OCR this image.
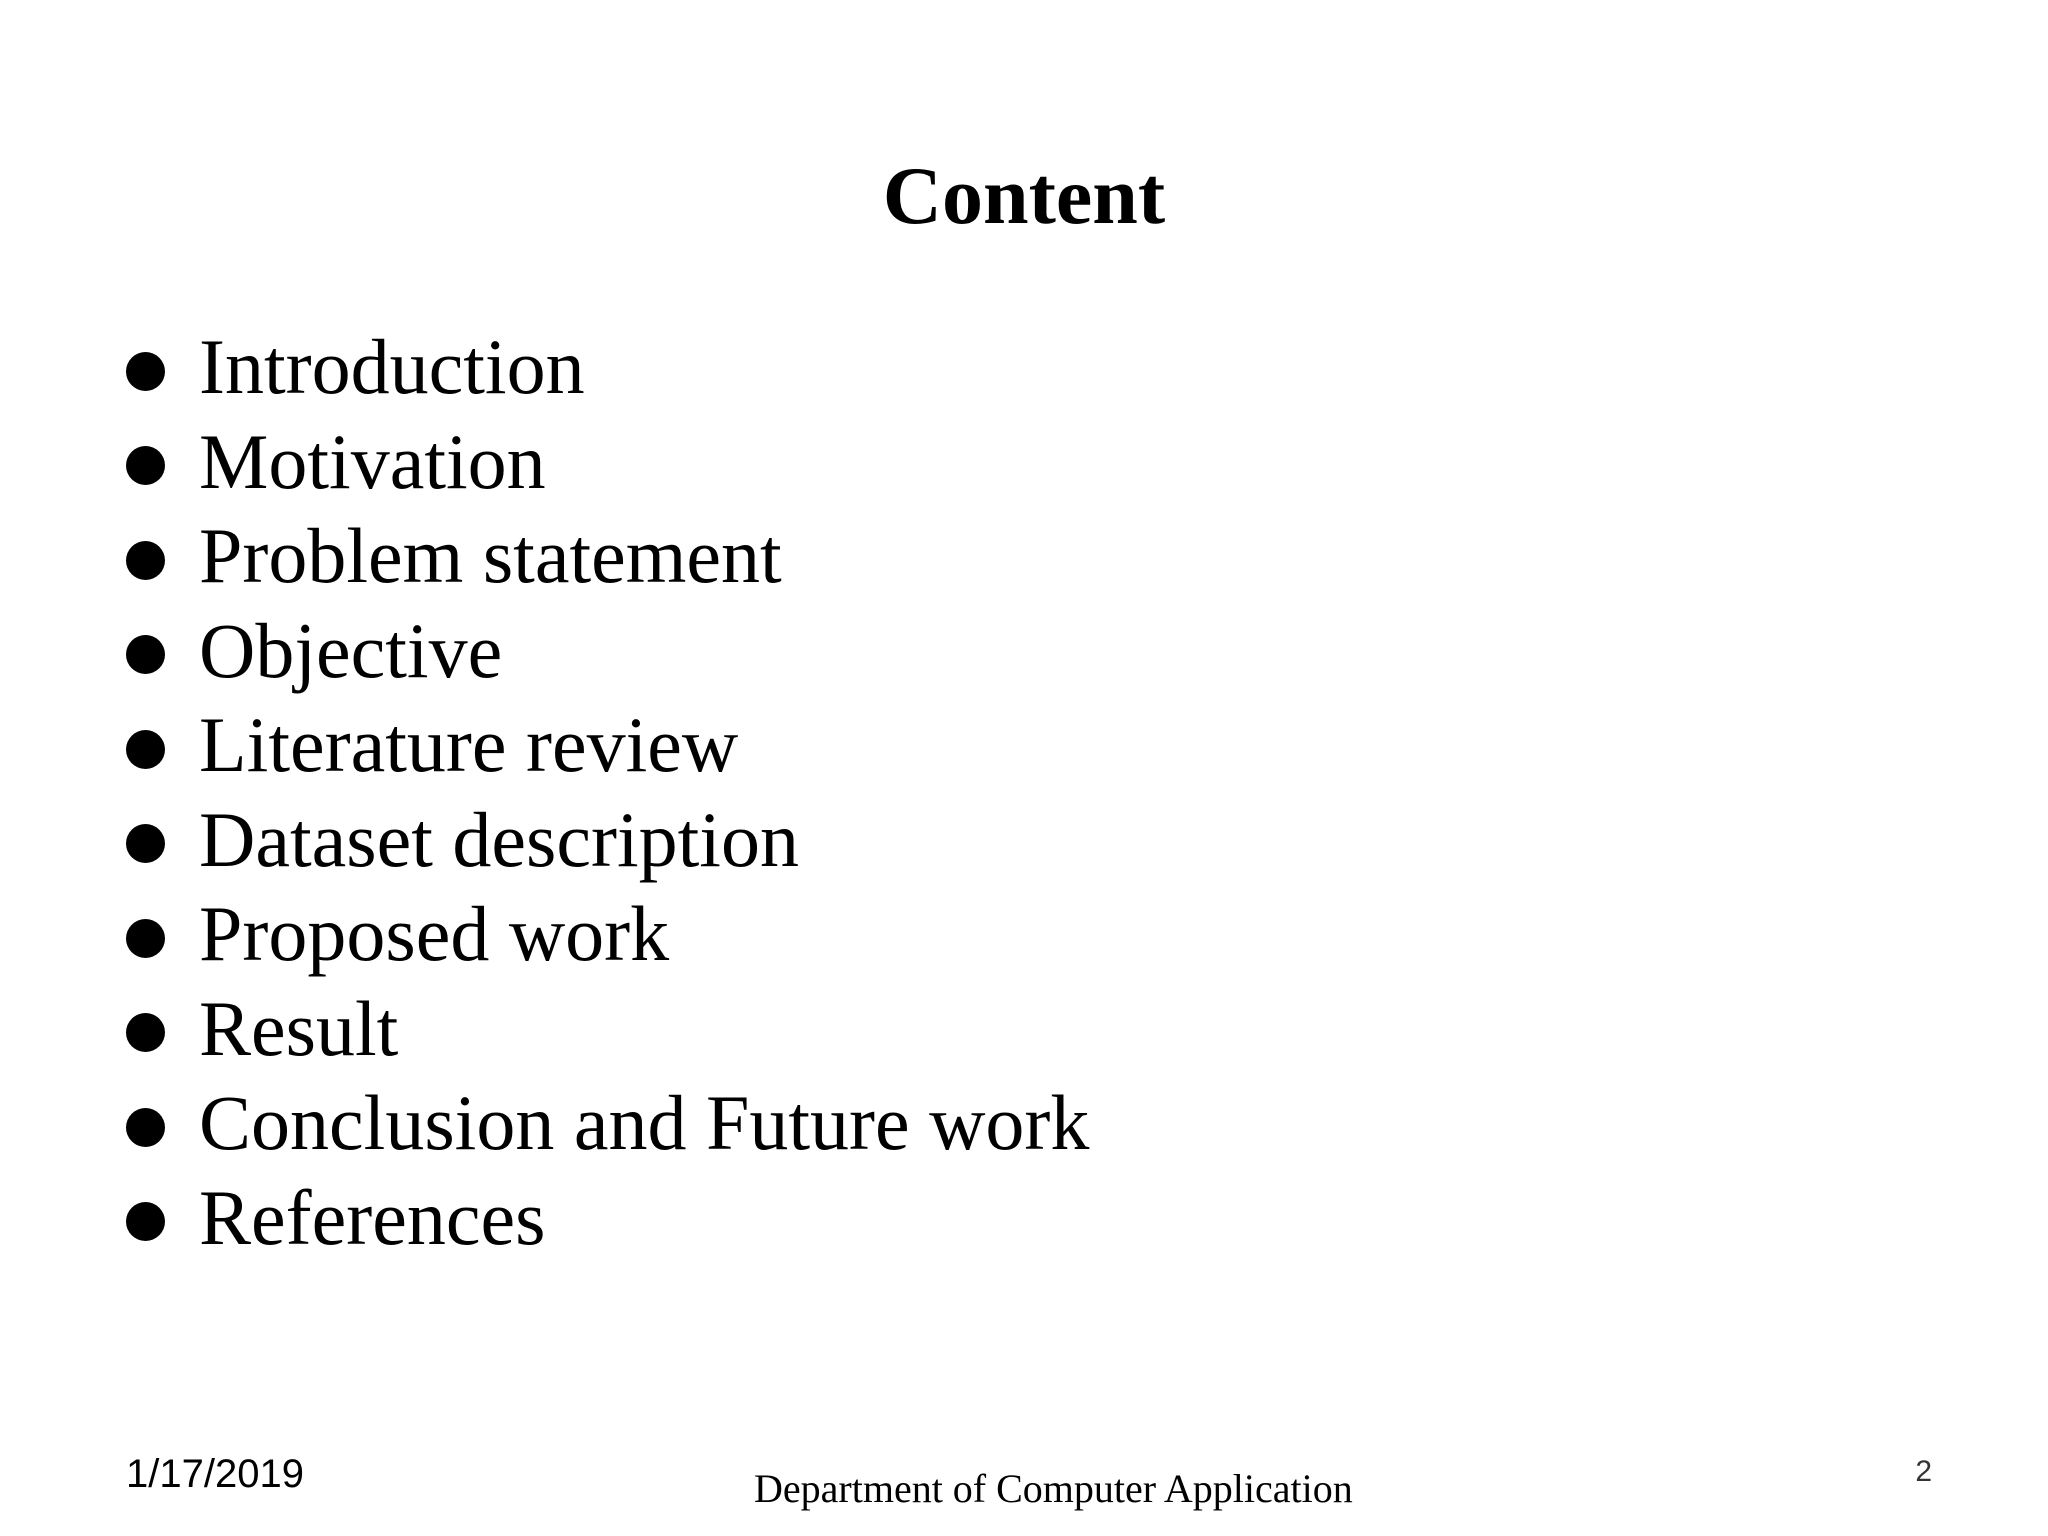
Content
Introduction
Motivation
Problem statement
Objective
Literature review
Dataset description
Proposed work
Result
Conclusion and Future work
References
1/17/2019	Department of Computer Application	2
